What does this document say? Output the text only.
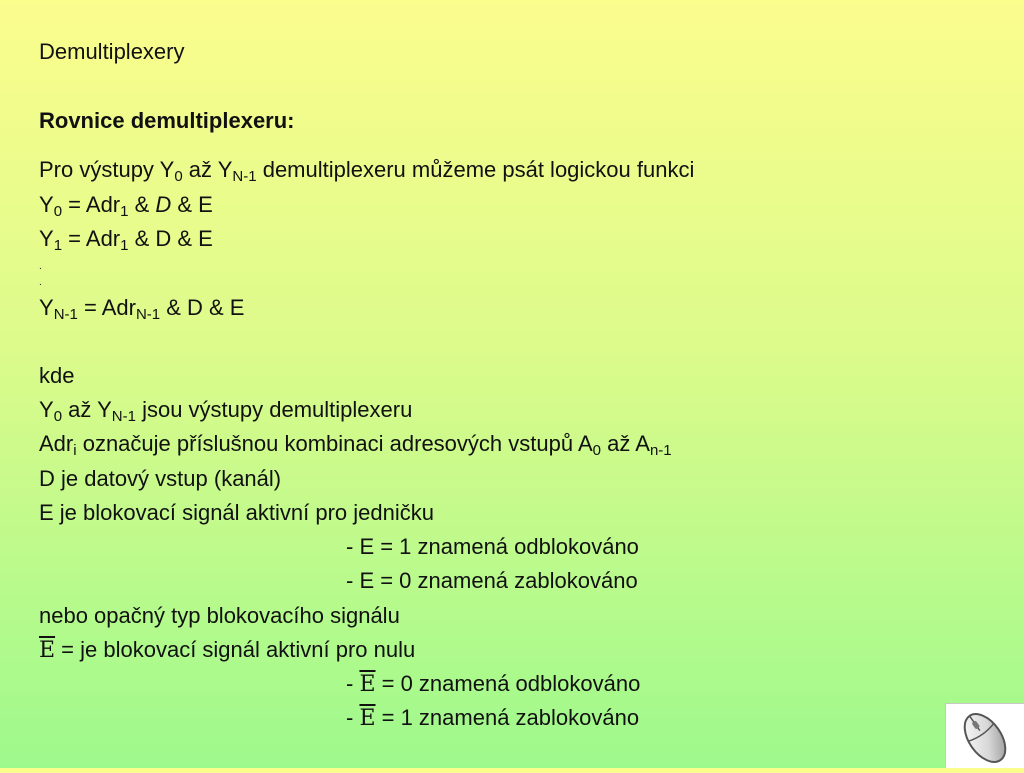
Demultiplexery
Rovnice demultiplexeru:
Pro výstupy $Y_0$ až $Y_{N-1}$ demultiplexeru můžeme psát logickou funkci
$Y_0 = Adr_1$ & D & E
$Y_1 = Adr_1$ & D & E
.
.
$Y_{N-1} = Adr_{N-1}$ & D & E
kde
$Y_0$ až $Y_{N-1}$ jsou výstupy demultiplexeru
Adr$_i$ označuje příslušnou kombinaci adresových vstupů $A_0$ až $A_{n-1}$
D je datový vstup (kanál)
E je blokovací signál aktivní pro jedničku
- E = 1 znamená odblokováno
- E = 0 znamená zablokováno
nebo opačný typ blokovacího signálu
$\overline{E}$ = je blokovací signál aktivní pro nulu
- $\overline{E} = 0$ znamená odblokováno
- $\overline{E} = 1$ znamená zablokováno
